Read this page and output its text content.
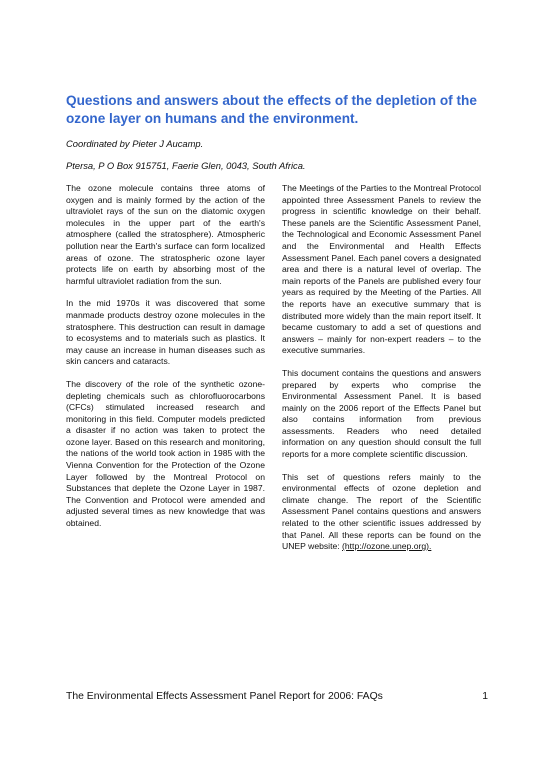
Questions and answers about the effects of the depletion of the ozone layer on humans and the environment.
Coordinated by Pieter J Aucamp.
Ptersa, P O Box 915751, Faerie Glen, 0043, South Africa.

The ozone molecule contains three atoms of oxygen and is mainly formed by the action of the ultraviolet rays of the sun on the diatomic oxygen molecules in the upper part of the earth's atmosphere (called the stratosphere). Atmospheric pollution near the Earth's surface can form localized areas of ozone. The stratospheric ozone layer protects life on earth by absorbing most of the harmful ultraviolet radiation from the sun.

In the mid 1970s it was discovered that some manmade products destroy ozone molecules in the stratosphere. This destruction can result in damage to ecosystems and to materials such as plastics. It may cause an increase in human diseases such as skin cancers and cataracts.

The discovery of the role of the synthetic ozone-depleting chemicals such as chlorofluorocarbons (CFCs) stimulated increased research and monitoring in this field. Computer models predicted a disaster if no action was taken to protect the ozone layer. Based on this research and monitoring, the nations of the world took action in 1985 with the Vienna Convention for the Protection of the Ozone Layer followed by the Montreal Protocol on Substances that deplete the Ozone Layer in 1987. The Convention and Protocol were amended and adjusted several times as new knowledge that was obtained.

The Meetings of the Parties to the Montreal Protocol appointed three Assessment Panels to review the progress in scientific knowledge on their behalf. These panels are the Scientific Assessment Panel, the Technological and Economic Assessment Panel and the Environmental and Health Effects Assessment Panel. Each panel covers a designated area and there is a natural level of overlap. The main reports of the Panels are published every four years as required by the Meeting of the Parties. All the reports have an executive summary that is distributed more widely than the main report itself. It became customary to add a set of questions and answers – mainly for non-expert readers – to the executive summaries.

This document contains the questions and answers prepared by experts who comprise the Environmental Assessment Panel. It is based mainly on the 2006 report of the Effects Panel but also contains information from previous assessments. Readers who need detailed information on any question should consult the full reports for a more complete scientific discussion.

This set of questions refers mainly to the environmental effects of ozone depletion and climate change. The report of the Scientific Assessment Panel contains questions and answers related to the other scientific issues addressed by that Panel. All these reports can be found on the UNEP website: (http://ozone.unep.org).

The Environmental Effects Assessment Panel Report for 2006: FAQs	1
